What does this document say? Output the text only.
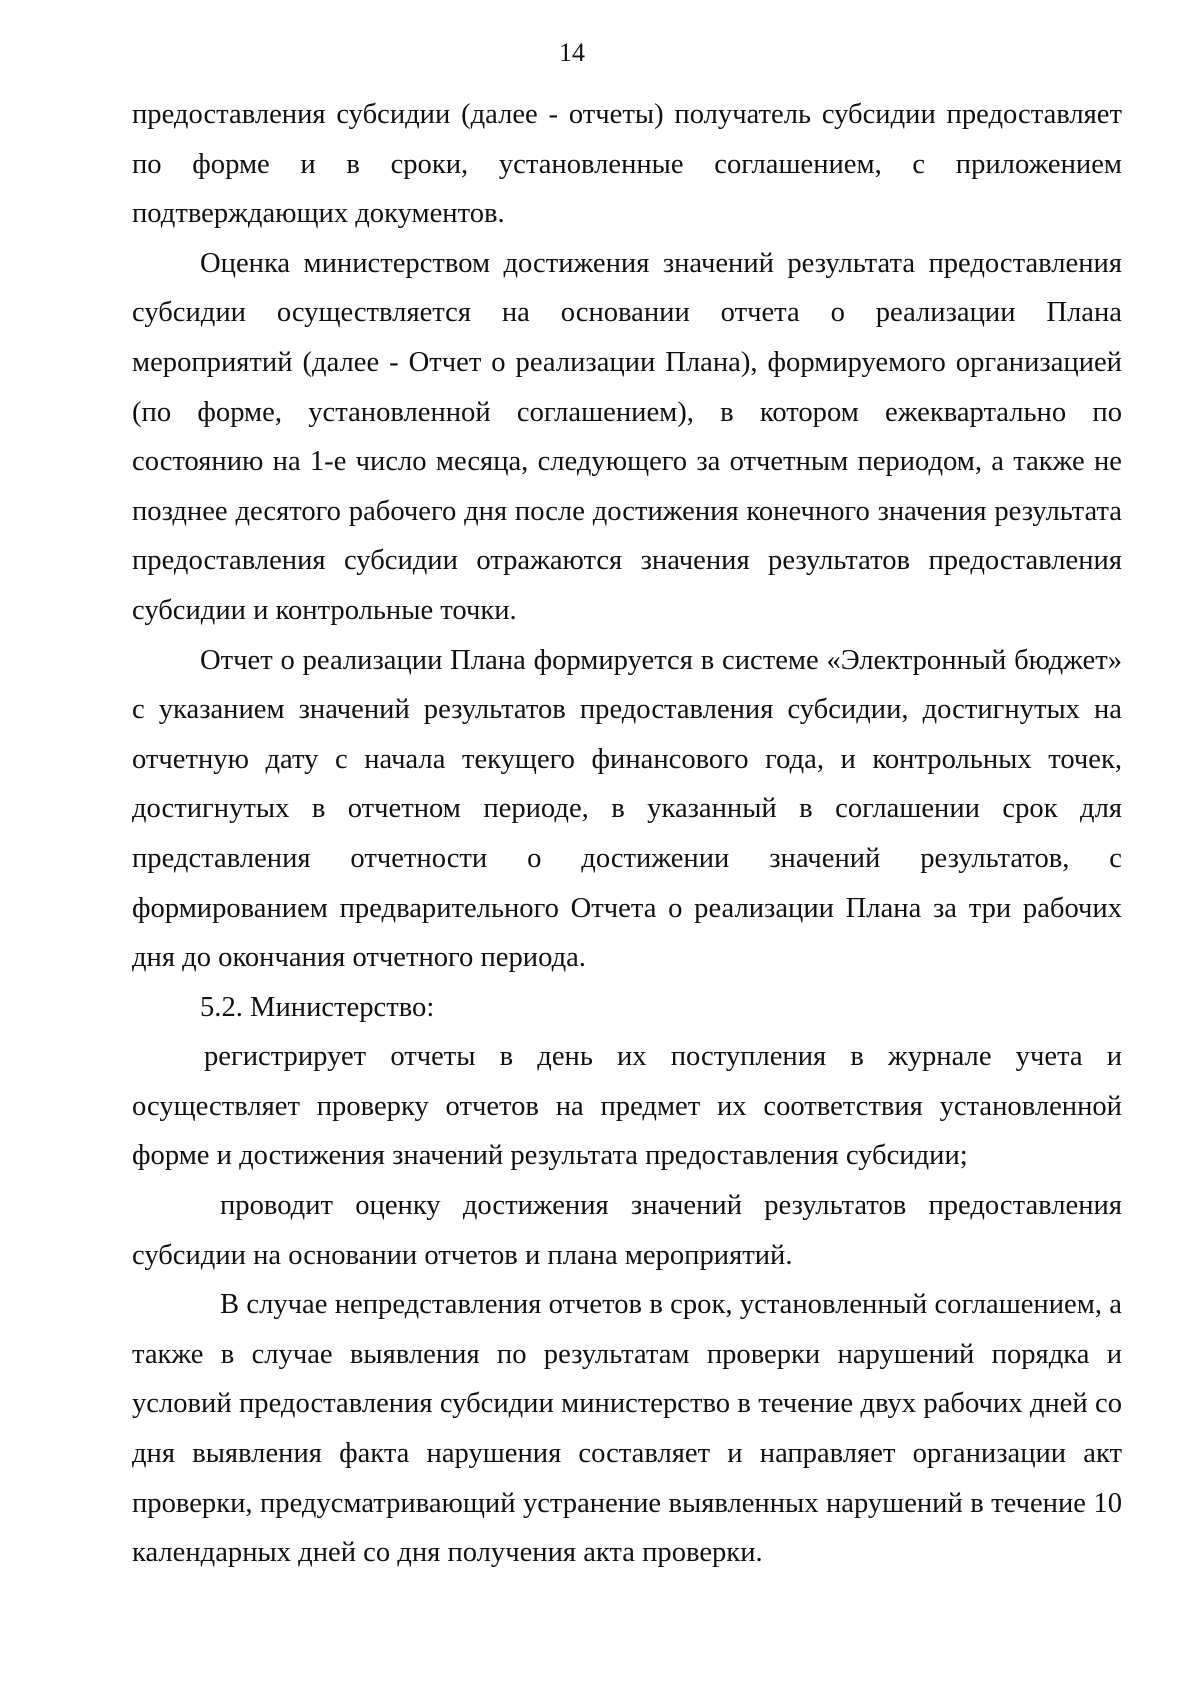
14

предоставления субсидии (далее - отчеты) получатель субсидии предоставляет по форме и в сроки, установленные соглашением, с приложением подтверждающих документов.

Оценка министерством достижения значений результата предоставления субсидии осуществляется на основании отчета о реализации Плана мероприятий (далее - Отчет о реализации Плана), формируемого организацией (по форме, установленной соглашением), в котором ежеквартально по состоянию на 1-е число месяца, следующего за отчетным периодом, а также не позднее десятого рабочего дня после достижения конечного значения результата предоставления субсидии отражаются значения результатов предоставления субсидии и контрольные точки.

Отчет о реализации Плана формируется в системе «Электронный бюджет» с указанием значений результатов предоставления субсидии, достигнутых на отчетную дату с начала текущего финансового года, и контрольных точек, достигнутых в отчетном периоде, в указанный в соглашении срок для представления отчетности о достижении значений результатов, с формированием предварительного Отчета о реализации Плана за три рабочих дня до окончания отчетного периода.

5.2. Министерство:

регистрирует отчеты в день их поступления в журнале учета и осуществляет проверку отчетов на предмет их соответствия установленной форме и достижения значений результата предоставления субсидии;

проводит оценку достижения значений результатов предоставления субсидии на основании отчетов и плана мероприятий.

В случае непредставления отчетов в срок, установленный соглашением, а также в случае выявления по результатам проверки нарушений порядка и условий предоставления субсидии министерство в течение двух рабочих дней со дня выявления факта нарушения составляет и направляет организации акт проверки, предусматривающий устранение выявленных нарушений в течение 10 календарных дней со дня получения акта проверки.
